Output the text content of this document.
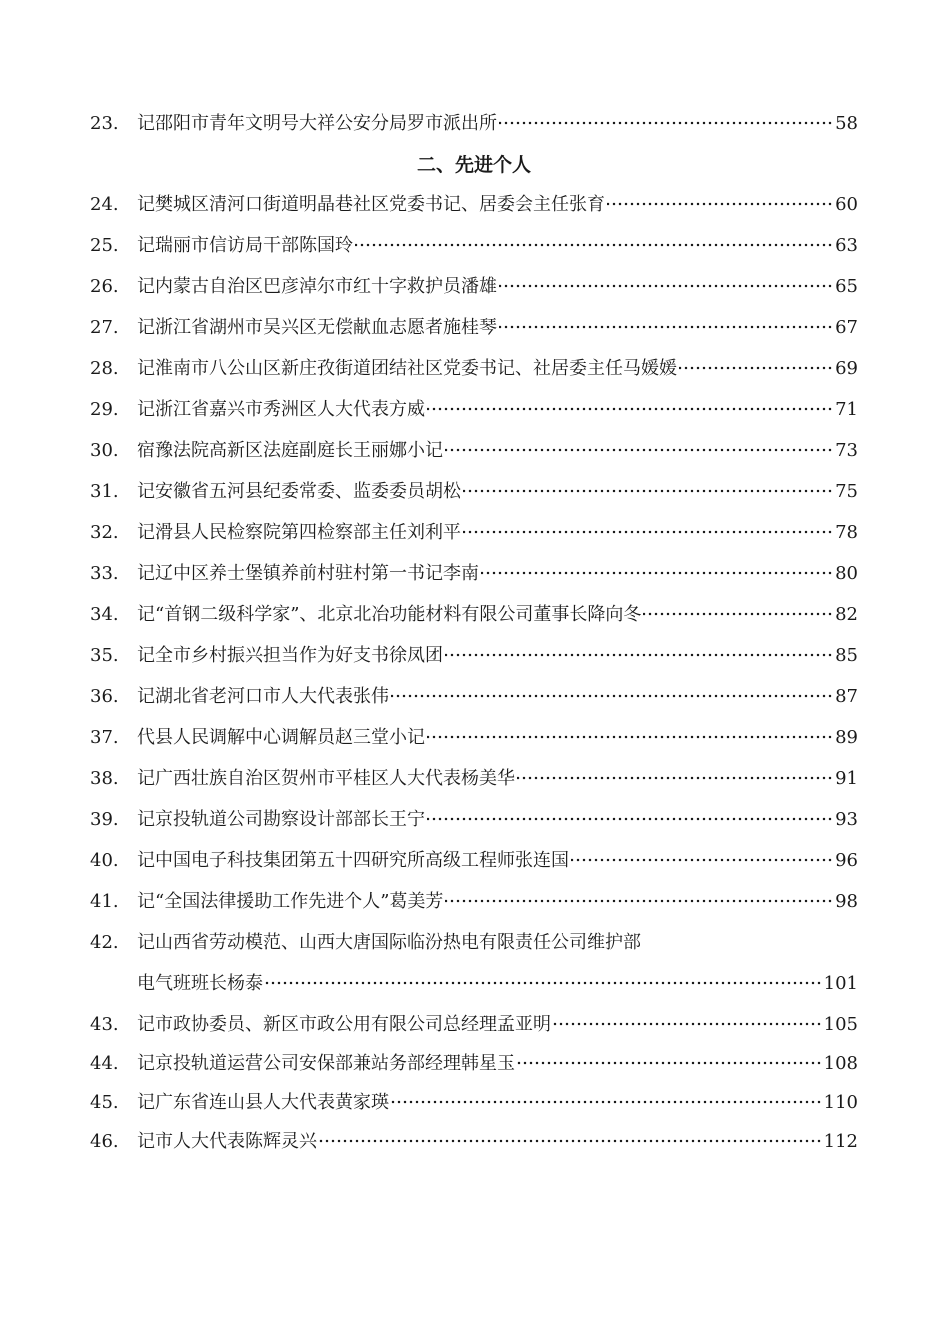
23. 记邵阳市青年文明号大祥公安分局罗市派出所	58
二、先进个人
24. 记樊城区清河口街道明晶巷社区党委书记、居委会主任张育	60
25. 记瑞丽市信访局干部陈国玲	63
26. 记内蒙古自治区巴彦淖尔市红十字救护员潘雄	65
27. 记浙江省湖州市吴兴区无偿献血志愿者施桂琴	67
28. 记淮南市八公山区新庄孜街道团结社区党委书记、社居委主任马媛媛	69
29. 记浙江省嘉兴市秀洲区人大代表方威	71
30. 宿豫法院高新区法庭副庭长王丽娜小记	73
31. 记安徽省五河县纪委常委、监委委员胡松	75
32. 记滑县人民检察院第四检察部主任刘利平	78
33. 记辽中区养士堡镇养前村驻村第一书记李南	80
34. 记“首钢二级科学家”、北京北冶功能材料有限公司董事长降向冬	82
35. 记全市乡村振兴担当作为好支书徐凤团	85
36. 记湖北省老河口市人大代表张伟	87
37. 代县人民调解中心调解员赵三堂小记	89
38. 记广西壮族自治区贺州市平桂区人大代表杨美华	91
39. 记京投轨道公司勘察设计部部长王宁	93
40. 记中国电子科技集团第五十四研究所高级工程师张连国	96
41. 记“全国法律援助工作先进个人”葛美芳	98
42. 记山西省劳动模范、山西大唐国际临汾热电有限责任公司维护部
电气班班长杨泰	101
43. 记市政协委员、新区市政公用有限公司总经理孟亚明	105
44. 记京投轨道运营公司安保部兼站务部经理韩星玉	108
45. 记广东省连山县人大代表黄家瑛	110
46. 记市人大代表陈辉灵兴	112
